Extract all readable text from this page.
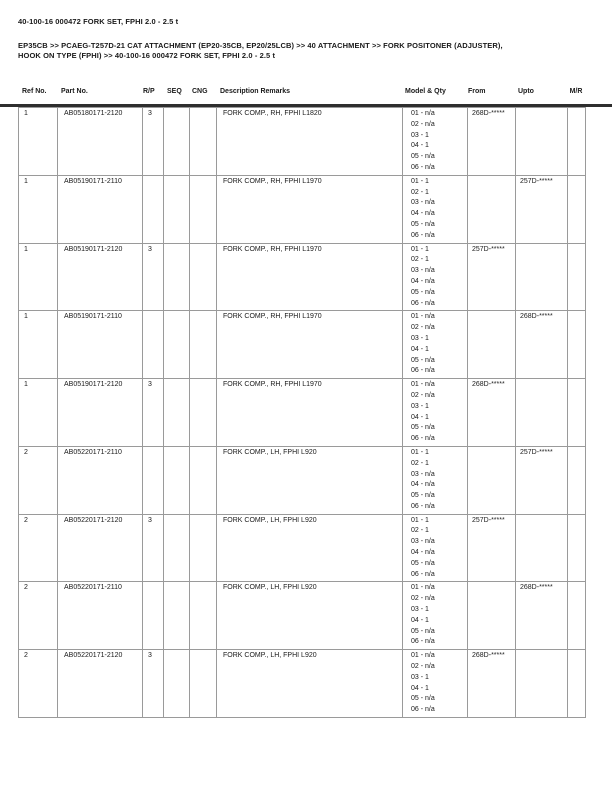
40-100-16 000472 FORK SET, FPHI 2.0 - 2.5 t
EP35CB >> PCAEG-T257D-21 CAT ATTACHMENT (EP20-35CB, EP20/25LCB) >> 40 ATTACHMENT >> FORK POSITONER (ADJUSTER),
HOOK ON TYPE (FPHI) >> 40-100-16 000472 FORK SET, FPHI 2.0 - 2.5 t
Ref No. Part No.	R/P SEQ CNG Description Remarks	Model & Qty	From	Upto	M/R
1	AB05180171-2120	3			FORK COMP., RH, FPHI L1820	01 - n/a
02 - n/a
03 - 1
04 - 1
05 - n/a
06 - n/a
	268D-*****		
1	AB05190171-2110				FORK COMP., RH, FPHI L1970	01 - 1
02 - 1
03 - n/a
04 - n/a
05 - n/a
06 - n/a
		257D-*****	
1	AB05190171-2120	3			FORK COMP., RH, FPHI L1970	01 - 1
02 - 1
03 - n/a
04 - n/a
05 - n/a
06 - n/a
	257D-*****		
1	AB05190171-2110				FORK COMP., RH, FPHI L1970	01 - n/a
02 - n/a
03 - 1
04 - 1
05 - n/a
06 - n/a
		268D-*****	
1	AB05190171-2120	3			FORK COMP., RH, FPHI L1970	01 - n/a
02 - n/a
03 - 1
04 - 1
05 - n/a
06 - n/a
	268D-*****		
2	AB05220171-2110				FORK COMP., LH, FPHI L920	01 - 1
02 - 1
03 - n/a
04 - n/a
05 - n/a
06 - n/a
		257D-*****	
2	AB05220171-2120	3			FORK COMP., LH, FPHI L920	01 - 1
02 - 1
03 - n/a
04 - n/a
05 - n/a
06 - n/a
	257D-*****		
2	AB05220171-2110				FORK COMP., LH, FPHI L920	01 - n/a
02 - n/a
03 - 1
04 - 1
05 - n/a
06 - n/a
		268D-*****	
2	AB05220171-2120	3			FORK COMP., LH, FPHI L920	01 - n/a
02 - n/a
03 - 1
04 - 1
05 - n/a
06 - n/a
	268D-*****		
